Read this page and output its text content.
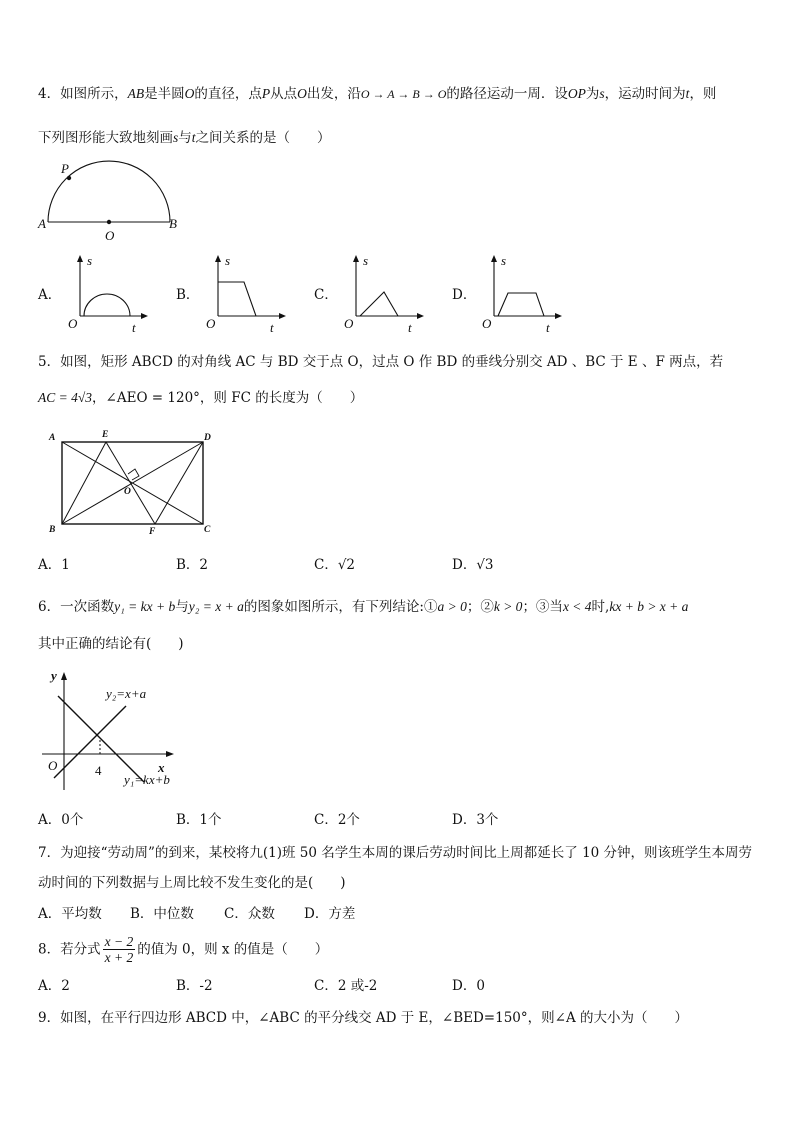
4．如图所示，AB是半圆O的直径，点P从点O出发，沿O → A → B → O的路径运动一周．设OP为s，运动时间为t，则
下列图形能大致地刻画s与t之间关系的是（　　）
A	B
O
P
A．
s
O	t
B．
s
O	t
C．
s
O	t
D．
s
O	t
5．如图，矩形 ABCD 的对角线 AC 与 BD 交于点 O，过点 O 作 BD 的垂线分别交 AD 、BC 于 E 、F 两点，若
AC = 4√3，∠AEO = 120°，则 FC 的长度为（　　）
A	E	D
O
B	F	C
A．1	B．2	C．√2	D．√3
6．一次函数y₁ = kx + b与y₂ = x + a的图象如图所示，有下列结论:①a > 0；②k > 0；③当x < 4时,kx + b > x + a
其中正确的结论有(　　)
y
x
O	4
y₂=x+a
y₁=kx+b
A．0个	B．1个	C．2个	D．3个
7．为迎接“劳动周”的到来，某校将九(1)班 50 名学生本周的课后劳动时间比上周都延长了 10 分钟，则该班学生本周劳
动时间的下列数据与上周比较不发生变化的是(　　)
A．平均数 B．中位数 C．众数 D．方差
8．若分式 $\frac{x - 2}{x + 2}$ 的值为 0，则 x 的值是（　　）
A．2	B．-2	C．2 或-2	D．0
9．如图，在平行四边形 ABCD 中，∠ABC 的平分线交 AD 于 E，∠BED=150°，则∠A 的大小为（　　）
